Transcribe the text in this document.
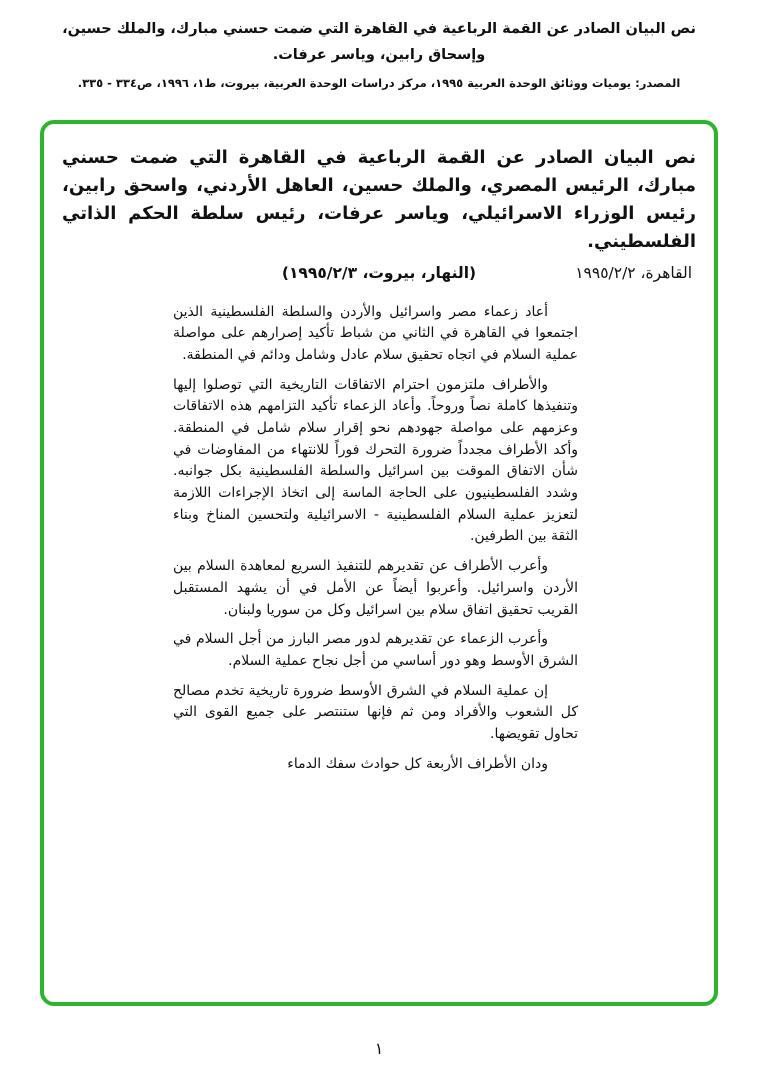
نص البيان الصادر عن القمة الرباعية في القاهرة التي ضمت حسني مبارك، والملك حسين، وإسحاق رابين، وياسر عرفات.
المصدر: يوميات ووثائق الوحدة العربية ١٩٩٥، مركز دراسات الوحدة العربية، بيروت، ط١، ١٩٩٦، ص٣٣٤ - ٣٣٥.
نص البيان الصادر عن القمة الرباعية في القاهرة التي ضمت حسني مبارك، الرئيس المصري، والملك حسين، العاهل الأردني، واسحق رابين، رئيس الوزراء الاسرائيلي، وياسر عرفات، رئيس سلطة الحكم الذاتي الفلسطيني.
القاهرة، ١٩٩٥/٢/٢
(النهار، بيروت، ١٩٩٥/٢/٣)

أعاد زعماء مصر واسرائيل والأردن والسلطة الفلسطينية الذين اجتمعوا في القاهرة في الثاني من شباط تأكيد إصرارهم على مواصلة عملية السلام في اتجاه تحقيق سلام عادل وشامل ودائم في المنطقة.

والأطراف ملتزمون احترام الاتفاقات التاريخية التي توصلوا إليها وتنفيذها كاملة نصاً وروحاً. وأعاد الزعماء تأكيد التزامهم هذه الاتفاقات وعزمهم على مواصلة جهودهم نحو إقرار سلام شامل في المنطقة. وأكد الأطراف مجدداً ضرورة التحرك فوراً للانتهاء من المفاوضات في شأن الاتفاق الموقت بين اسرائيل والسلطة الفلسطينية بكل جوانبه. وشدد الفلسطينيون على الحاجة الماسة إلى اتخاذ الإجراءات اللازمة لتعزيز عملية السلام الفلسطينية - الاسرائيلية ولتحسين المناخ وبناء الثقة بين الطرفين.

وأعرب الأطراف عن تقديرهم للتنفيذ السريع لمعاهدة السلام بين الأردن واسرائيل. وأعربوا أيضاً عن الأمل في أن يشهد المستقبل القريب تحقيق اتفاق سلام بين اسرائيل وكل من سوريا ولبنان.

وأعرب الزعماء عن تقديرهم لدور مصر البارز من أجل السلام في الشرق الأوسط وهو دور أساسي من أجل نجاح عملية السلام.

إن عملية السلام في الشرق الأوسط ضرورة تاريخية تخدم مصالح كل الشعوب والأفراد ومن ثم فإنها ستنتصر على جميع القوى التي تحاول تقويضها.

ودان الأطراف الأربعة كل حوادث سفك الدماء

١
